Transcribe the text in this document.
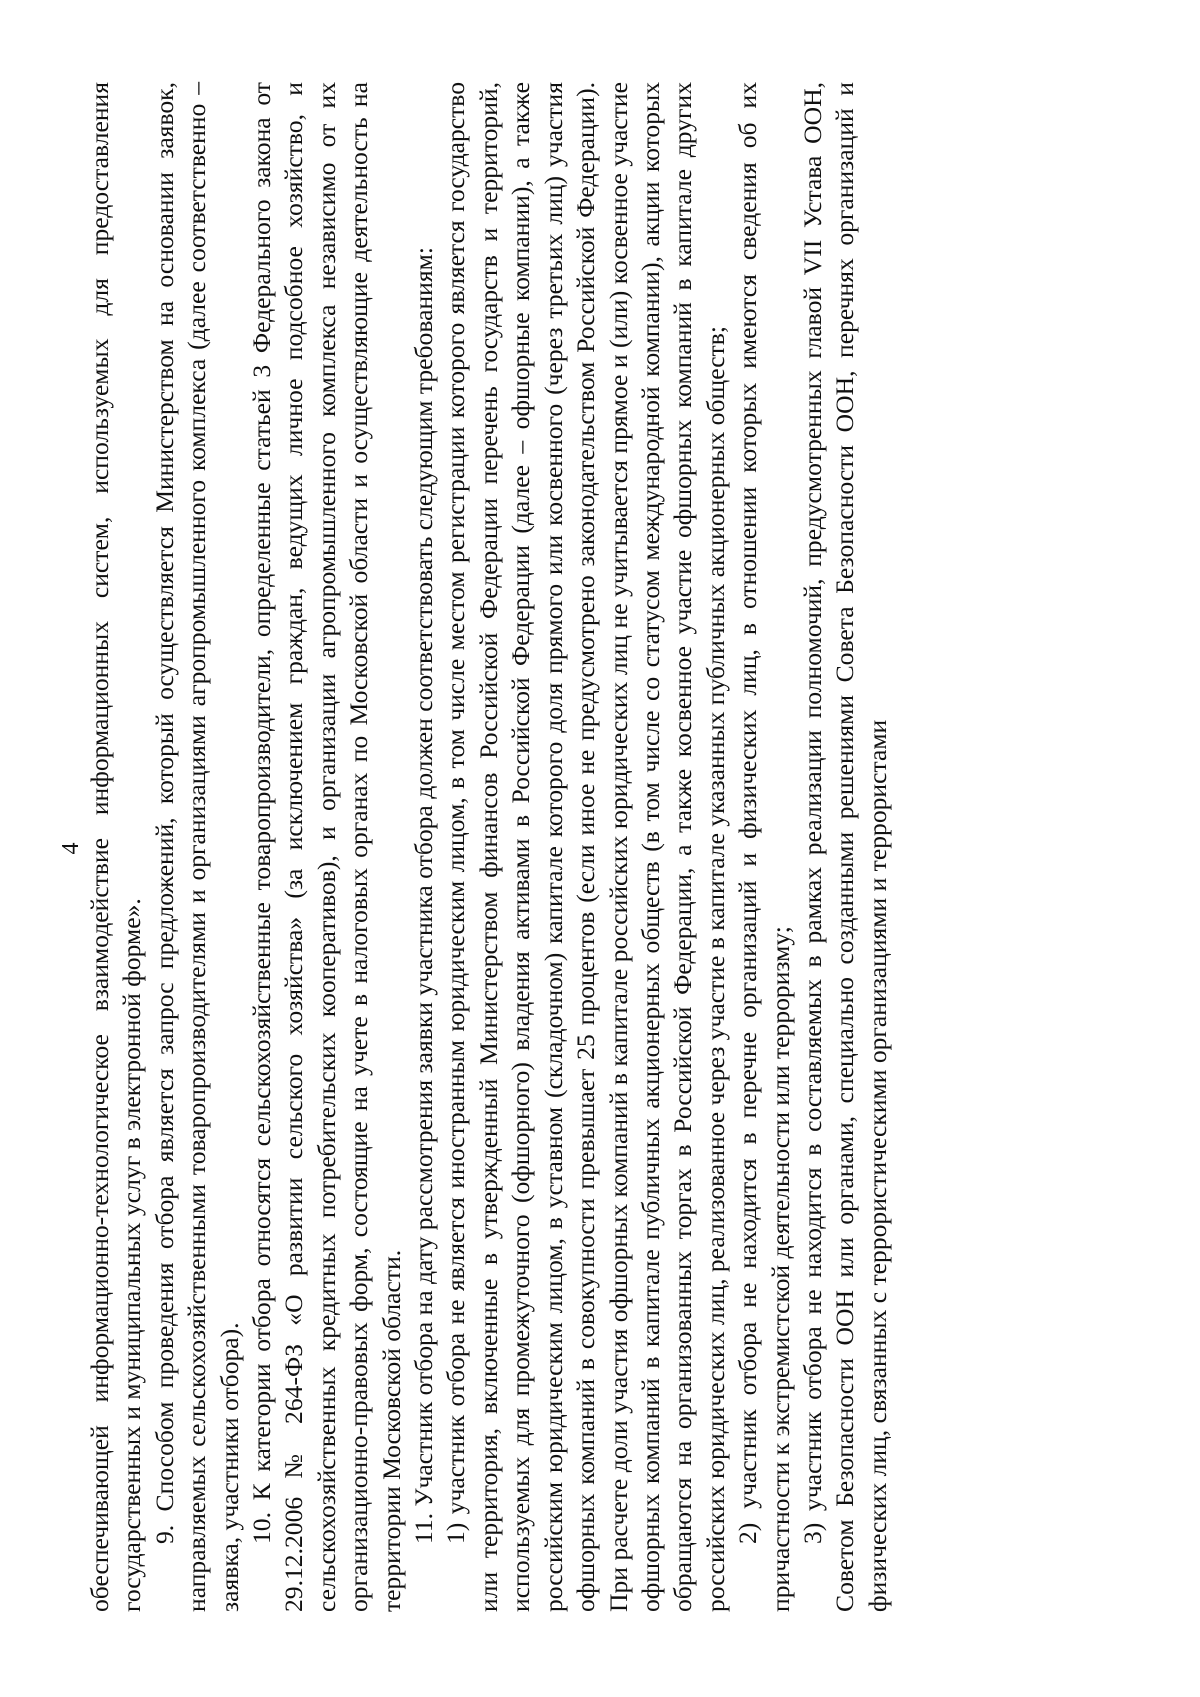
4 обеспечивающей информационно-технологическое взаимодействие информационных систем, используемых для предоставления государственных и муниципальных услуг в электронной форме». 9. Способом проведения отбора является запрос предложений, который осуществляется Министерством на основании заявок, направляемых сельскохозяйственными товаропроизводителями и организациями агропромышленного комплекса (далее соответственно – заявка, участники отбора). 10. К категории отбора относятся сельскохозяйственные товаропроизводители, определенные статьей 3 Федерального закона от 29.12.2006 № 264-ФЗ «О развитии сельского хозяйства» (за исключением граждан, ведущих личное подсобное хозяйство, и сельскохозяйственных кредитных потребительских кооперативов), и организации агропромышленного комплекса независимо от их организационно-правовых форм, состоящие на учете в налоговых органах по Московской области и осуществляющие деятельность на территории Московской области. 11. Участник отбора на дату рассмотрения заявки участника отбора должен соответствовать следующим требованиям: 1) участник отбора не является иностранным юридическим лицом, в том числе местом регистрации которого является государство или территория, включенные в утвержденный Министерством финансов Российской Федерации перечень государств и территорий, используемых для промежуточного (офшорного) владения активами в Российской Федерации (далее – офшорные компании), а также российским юридическим лицом, в уставном (складочном) капитале которого доля прямого или косвенного (через третьих лиц) участия офшорных компаний в совокупности превышает 25 процентов (если иное не предусмотрено законодательством Российской Федерации). При расчете доли участия офшорных компаний в капитале российских юридических лиц не учитывается прямое и (или) косвенное участие офшорных компаний в капитале публичных акционерных обществ (в том числе со статусом международной компании), акции которых обращаются на организованных торгах в Российской Федерации, а также косвенное участие офшорных компаний в капитале других российских юридических лиц, реализованное через участие в капитале указанных публичных акционерных обществ; 2) участник отбора не находится в перечне организаций и физических лиц, в отношении которых имеются сведения об их причастности к экстремистской деятельности или терроризму; 3) участник отбора не находится в составляемых в рамках реализации полномочий, предусмотренных главой VII Устава ООН, Советом Безопасности ООН или органами, специально созданными решениями Совета Безопасности ООН, перечнях организаций и физических лиц, связанных с террористическими организациями и террористами
